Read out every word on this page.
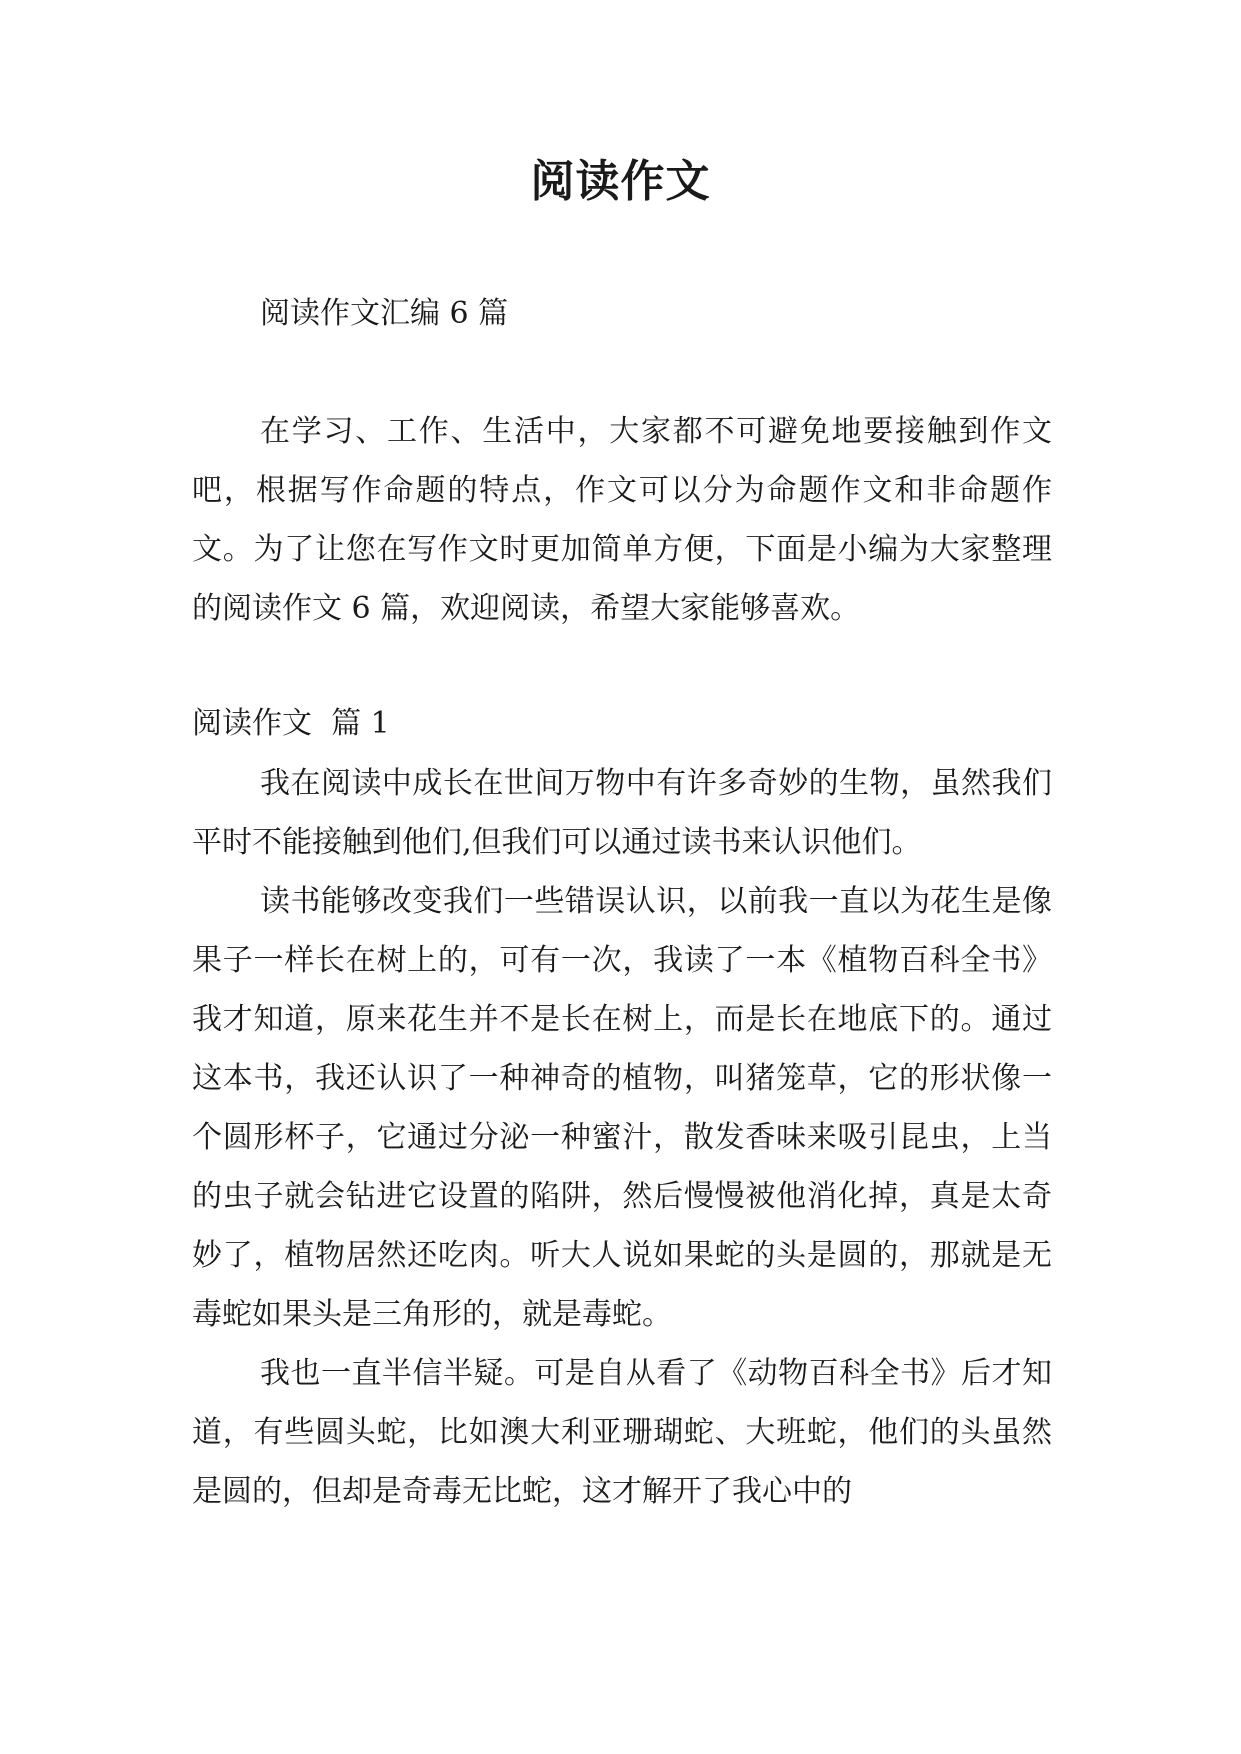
阅读作文

阅读作文汇编 6 篇

在学习、工作、生活中，大家都不可避免地要接触到作文吧，根据写作命题的特点，作文可以分为命题作文和非命题作文。为了让您在写作文时更加简单方便，下面是小编为大家整理的阅读作文 6 篇，欢迎阅读，希望大家能够喜欢。

阅读作文  篇 1

我在阅读中成长在世间万物中有许多奇妙的生物，虽然我们平时不能接触到他们,但我们可以通过读书来认识他们。

读书能够改变我们一些错误认识，以前我一直以为花生是像果子一样长在树上的，可有一次，我读了一本《植物百科全书》我才知道，原来花生并不是长在树上，而是长在地底下的。通过这本书，我还认识了一种神奇的植物，叫猪笼草，它的形状像一个圆形杯子，它通过分泌一种蜜汁，散发香味来吸引昆虫，上当的虫子就会钻进它设置的陷阱，然后慢慢被他消化掉，真是太奇妙了，植物居然还吃肉。听大人说如果蛇的头是圆的，那就是无毒蛇如果头是三角形的，就是毒蛇。

我也一直半信半疑。可是自从看了《动物百科全书》后才知道，有些圆头蛇，比如澳大利亚珊瑚蛇、大班蛇，他们的头虽然是圆的，但却是奇毒无比蛇，这才解开了我心中的
